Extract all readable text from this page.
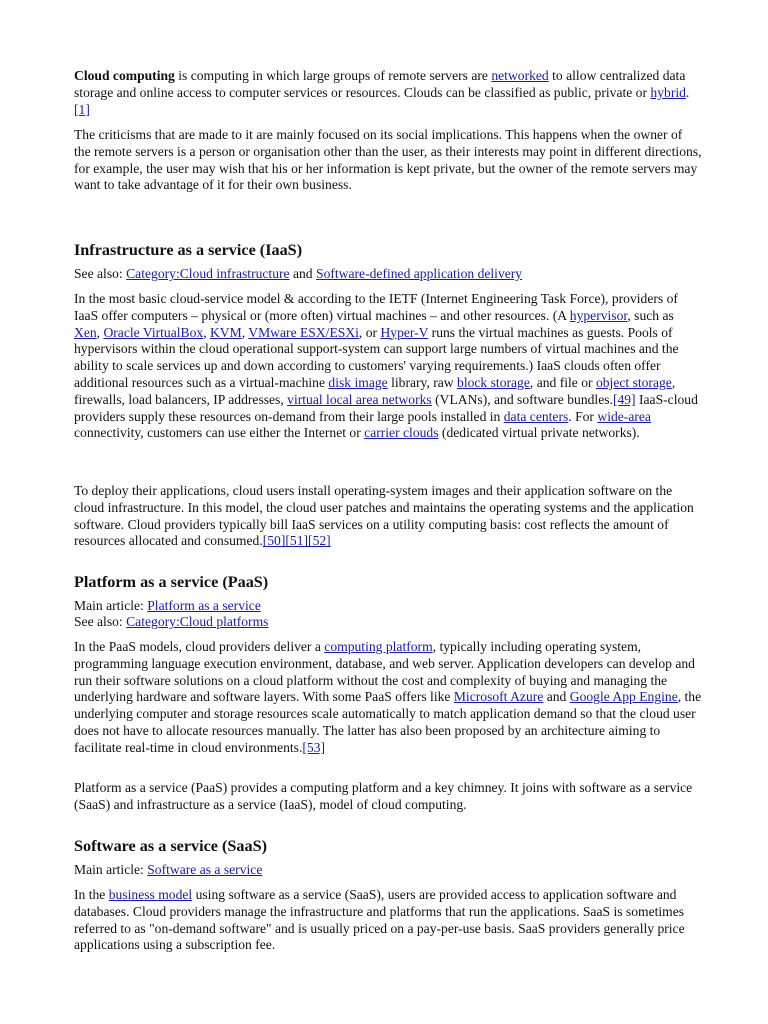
Cloud computing is computing in which large groups of remote servers are networked to allow centralized data storage and online access to computer services or resources. Clouds can be classified as public, private or hybrid.[1]

The criticisms that are made to it are mainly focused on its social implications. This happens when the owner of the remote servers is a person or organisation other than the user, as their interests may point in different directions, for example, the user may wish that his or her information is kept private, but the owner of the remote servers may want to take advantage of it for their own business.

Infrastructure as a service (IaaS)

See also: Category:Cloud infrastructure and Software-defined application delivery

In the most basic cloud-service model & according to the IETF (Internet Engineering Task Force), providers of IaaS offer computers – physical or (more often) virtual machines – and other resources. (A hypervisor, such as Xen, Oracle VirtualBox, KVM, VMware ESX/ESXi, or Hyper-V runs the virtual machines as guests. Pools of hypervisors within the cloud operational support-system can support large numbers of virtual machines and the ability to scale services up and down according to customers' varying requirements.) IaaS clouds often offer additional resources such as a virtual-machine disk image library, raw block storage, and file or object storage, firewalls, load balancers, IP addresses, virtual local area networks (VLANs), and software bundles.[49] IaaS-cloud providers supply these resources on-demand from their large pools installed in data centers. For wide-area connectivity, customers can use either the Internet or carrier clouds (dedicated virtual private networks).

To deploy their applications, cloud users install operating-system images and their application software on the cloud infrastructure. In this model, the cloud user patches and maintains the operating systems and the application software. Cloud providers typically bill IaaS services on a utility computing basis: cost reflects the amount of resources allocated and consumed.[50][51][52]

Platform as a service (PaaS)

Main article: Platform as a service

See also: Category:Cloud platforms

In the PaaS models, cloud providers deliver a computing platform, typically including operating system, programming language execution environment, database, and web server. Application developers can develop and run their software solutions on a cloud platform without the cost and complexity of buying and managing the underlying hardware and software layers. With some PaaS offers like Microsoft Azure and Google App Engine, the underlying computer and storage resources scale automatically to match application demand so that the cloud user does not have to allocate resources manually. The latter has also been proposed by an architecture aiming to facilitate real-time in cloud environments.[53]

Platform as a service (PaaS) provides a computing platform and a key chimney. It joins with software as a service (SaaS) and infrastructure as a service (IaaS), model of cloud computing.

Software as a service (SaaS)

Main article: Software as a service

In the business model using software as a service (SaaS), users are provided access to application software and databases. Cloud providers manage the infrastructure and platforms that run the applications. SaaS is sometimes referred to as "on-demand software" and is usually priced on a pay-per-use basis. SaaS providers generally price applications using a subscription fee.
